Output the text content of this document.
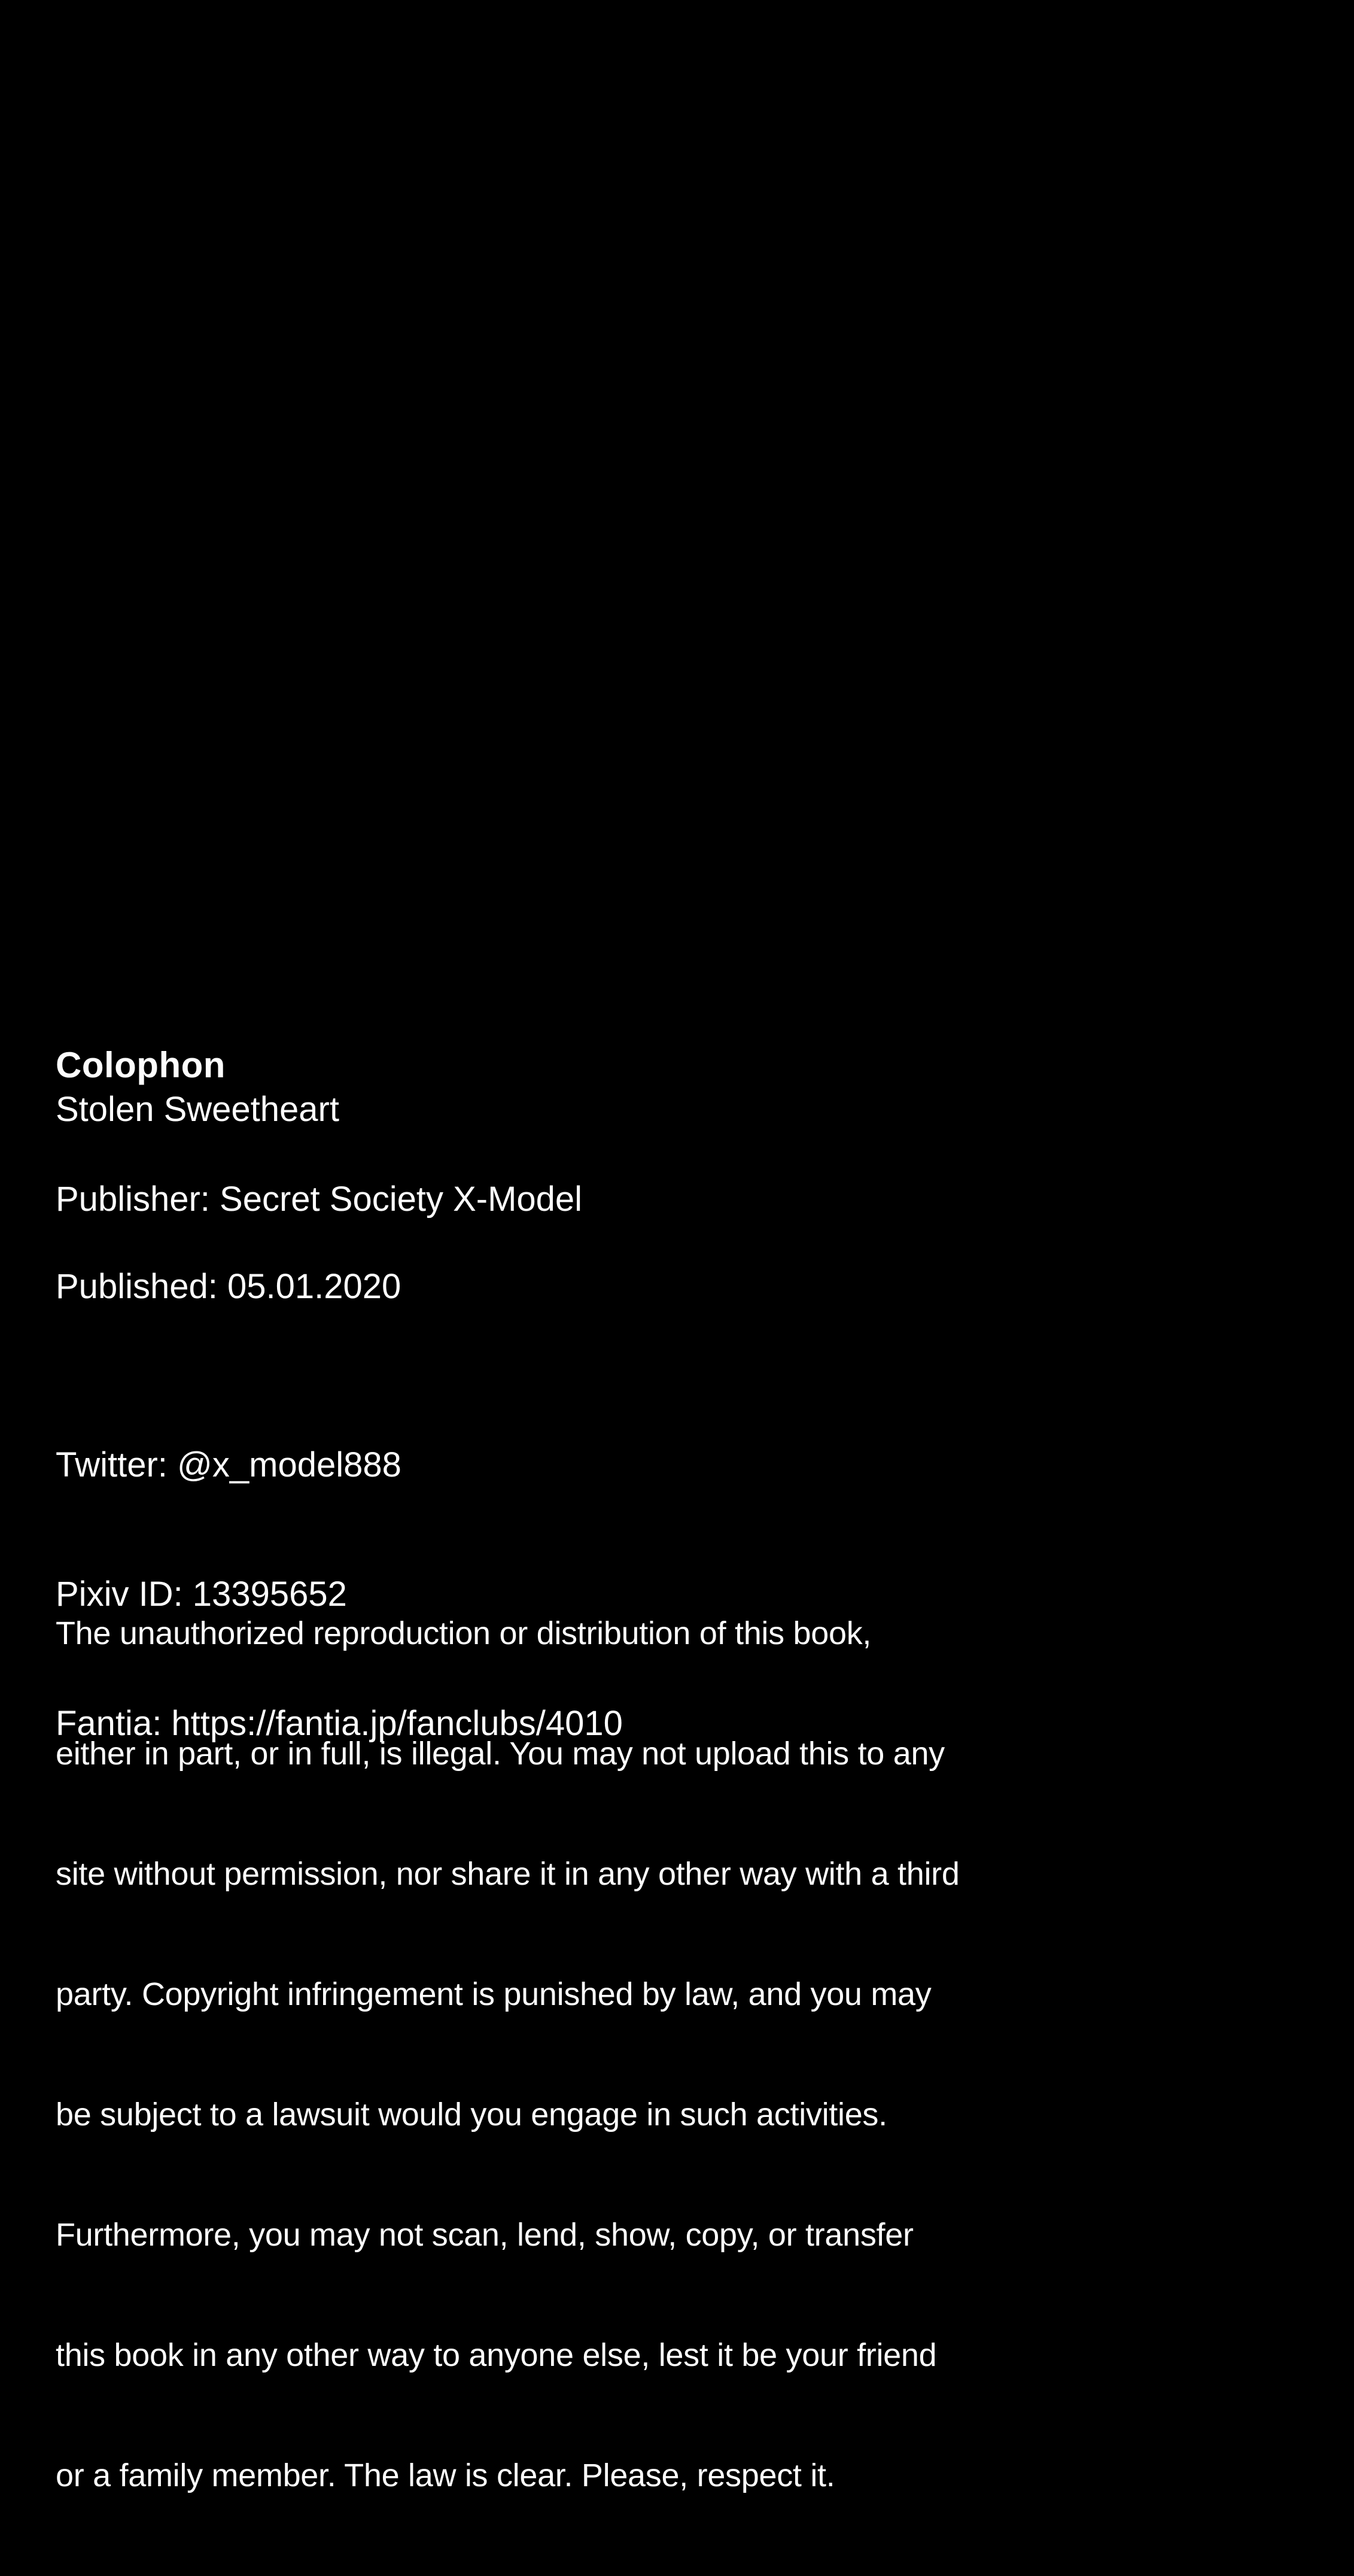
Colophon
Stolen Sweetheart
Publisher: Secret Society X-Model
Published: 05.01.2020

Twitter: @x_model888

Pixiv ID: 13395652

Fantia: https://fantia.jp/fanclubs/4010

The unauthorized reproduction or distribution of this book,

either in part, or in full, is illegal. You may not upload this to any

site without permission, nor share it in any other way with a third

party. Copyright infringement is punished by law, and you may

be subject to a lawsuit would you engage in such activities.

Furthermore, you may not scan, lend, show, copy, or transfer

this book in any other way to anyone else, lest it be your friend

or a family member. The law is clear. Please, respect it.
